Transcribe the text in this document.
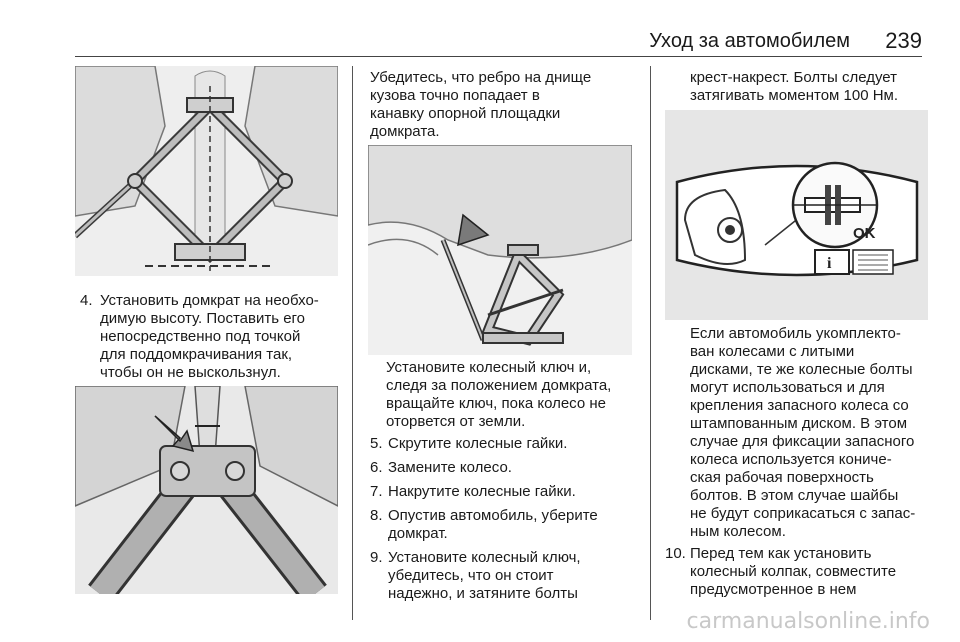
Уход за автомобилем 239
4. Установить домкрат на необхо-
димую высоту. Поставить его
непосредственно под точкой
для поддомкрачивания так,
чтобы он не выскользнул.
Убедитесь, что ребро на днище
кузова точно попадает в
канавку опорной площадки
домкрата.
Установите колесный ключ и,
следя за положением домкрата,
вращайте ключ, пока колесо не
оторвется от земли.
5. Скрутите колесные гайки.
6. Замените колесо.
7. Накрутите колесные гайки.
8. Опустив автомобиль, уберите
домкрат.
9. Установите колесный ключ,
убедитесь, что он стоит
надежно, и затяните болты
крест-накрест. Болты следует
затягивать моментом 100 Нм.
OK
i
Если автомобиль укомплекто-
ван колесами с литыми
дисками, те же колесные болты
могут использоваться и для
крепления запасного колеса со
штампованным диском. В этом
случае для фиксации запасного
колеса используется кониче-
ская рабочая поверхность
болтов. В этом случае шайбы
не будут соприкасаться с запас-
ным колесом.
10. Перед тем как установить
колесный колпак, совместите
предусмотренное в нем
carmanualsonline.info
